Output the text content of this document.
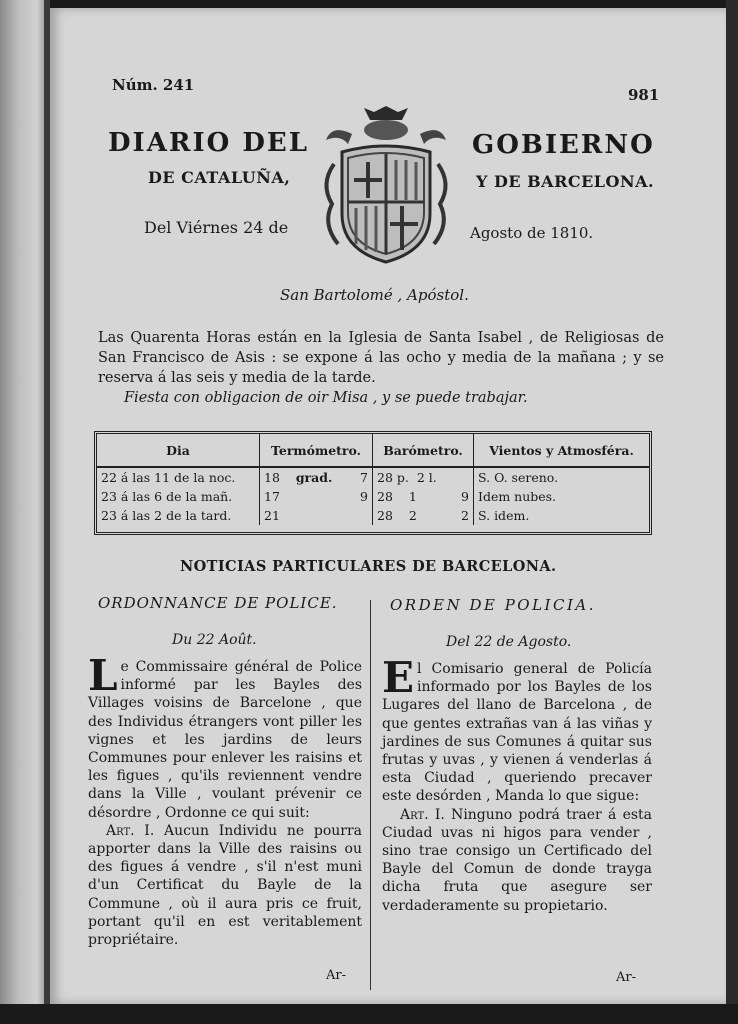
Núm. 241
981
DIARIO DEL	GOBIERNO
DE CATALUÑA,	Y DE BARCELONA.
Del Viérnes 24 de	Agosto de 1810.
San Bartolomé , Apóstol.

Las Quarenta Horas están en la Iglesia de Santa Isabel , de Religiosas de San Francisco de Asis : se expone á las ocho y media de la mañana ; y se reserva á las seis y media de la tarde.

Fiesta con obligacion de oir Misa , y se puede trabajar.

Dia	Termómetro.	Barómetro.	Vientos y Atmosféra.
22 á las 11 de la noc.	18 grad. 7	28 p. 2 l.	S. O. sereno.
23 á las 6 de la mañ.	17 9	28 1 9	Idem nubes.
23 á las 2 de la tard.	21	28 2 2	S. idem.
NOTICIAS PARTICULARES DE BARCELONA.
ORDONNANCE DE POLICE.	ORDEN DE POLICIA.
Du 22 Août.	Del 22 de Agosto.

Le Commissaire général de Police informé par les Bayles des Villages voisins de Barcelone , que des Individus étrangers vont piller les vignes et les jardins de leurs Communes pour enlever les raisins et les figues , qu'ils reviennent vendre dans la Ville , voulant prévenir ce désordre , Ordonne ce qui suit:

Art. I. Aucun Individu ne pourra apporter dans la Ville des raisins ou des figues á vendre , s'il n'est muni d'un Certificat du Bayle de la Commune , où il aura pris ce fruit, portant qu'il en est veritablement propriétaire.

El Comisario general de Policía informado por los Bayles de los Lugares del llano de Barcelona , de que gentes extrañas van á las viñas y jardines de sus Comunes á quitar sus frutas y uvas , y vienen á venderlas á esta Ciudad , queriendo precaver este desórden , Manda lo que sigue:

Art. I. Ninguno podrá traer á esta Ciudad uvas ni higos para vender , sino trae consigo un Certificado del Bayle del Comun de donde trayga dicha fruta que asegure ser verdaderamente su propietario.

Ar-	Ar-
